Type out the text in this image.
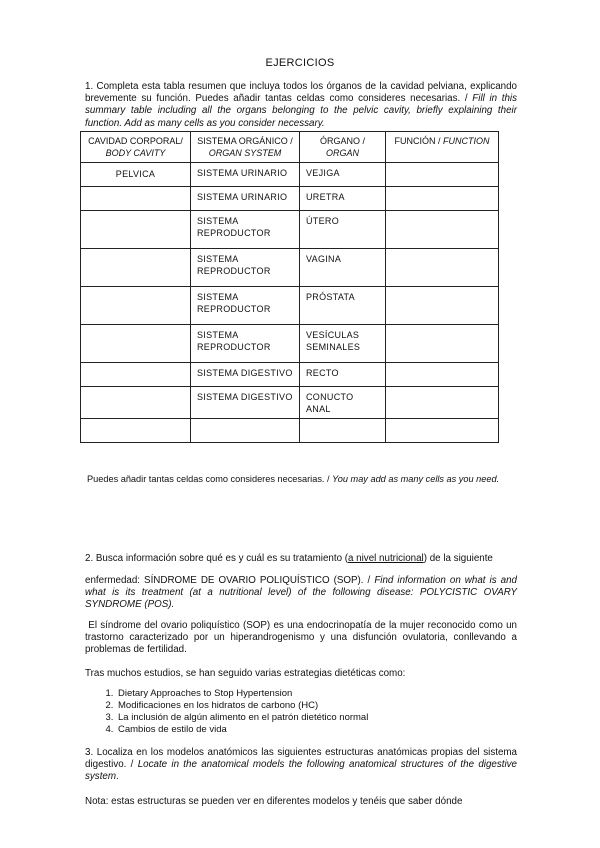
EJERCICIOS

1. Completa esta tabla resumen que incluya todos los órganos de la cavidad pelviana, explicando brevemente su función. Puedes añadir tantas celdas como consideres necesarias. / Fill in this summary table including all the organs belonging to the pelvic cavity, briefly explaining their function. Add as many cells as you consider necessary.

CAVIDAD CORPORAL/ BODY CAVITY	SISTEMA ORGÁNICO / ORGAN SYSTEM	ÓRGANO / ORGAN	FUNCIÓN / FUNCTION
PELVICA	SISTEMA URINARIO	VEJIGA	
	SISTEMA URINARIO	URETRA	
	SISTEMA REPRODUCTOR	ÚTERO	
	SISTEMA REPRODUCTOR	VAGINA	
	SISTEMA REPRODUCTOR	PRÓSTATA	
	SISTEMA REPRODUCTOR	VESÍCULAS SEMINALES	
	SISTEMA DIGESTIVO	RECTO	
	SISTEMA DIGESTIVO	CONUCTO ANAL	

Puedes añadir tantas celdas como consideres necesarias. / You may add as many cells as you need.

2. Busca información sobre qué es y cuál es su tratamiento (a nivel nutricional) de la siguiente

enfermedad: SÍNDROME DE OVARIO POLIQUÍSTICO (SOP). / Find information on what is and what is its treatment (at a nutritional level) of the following disease: POLYCISTIC OVARY SYNDROME (POS).

El síndrome del ovario poliquístico (SOP) es una endocrinopatía de la mujer reconocido como un trastorno caracterizado por un hiperandrogenismo y una disfunción ovulatoria, conllevando a problemas de fertilidad.

Tras muchos estudios, se han seguido varias estrategias dietéticas como:

1. Dietary Approaches to Stop Hypertension
2. Modificaciones en los hidratos de carbono (HC)
3. La inclusión de algún alimento en el patrón dietético normal
4. Cambios de estilo de vida

3. Localiza en los modelos anatómicos las siguientes estructuras anatómicas propias del sistema digestivo. / Locate in the anatomical models the following anatomical structures of the digestive system.

Nota: estas estructuras se pueden ver en diferentes modelos y tenéis que saber dónde
